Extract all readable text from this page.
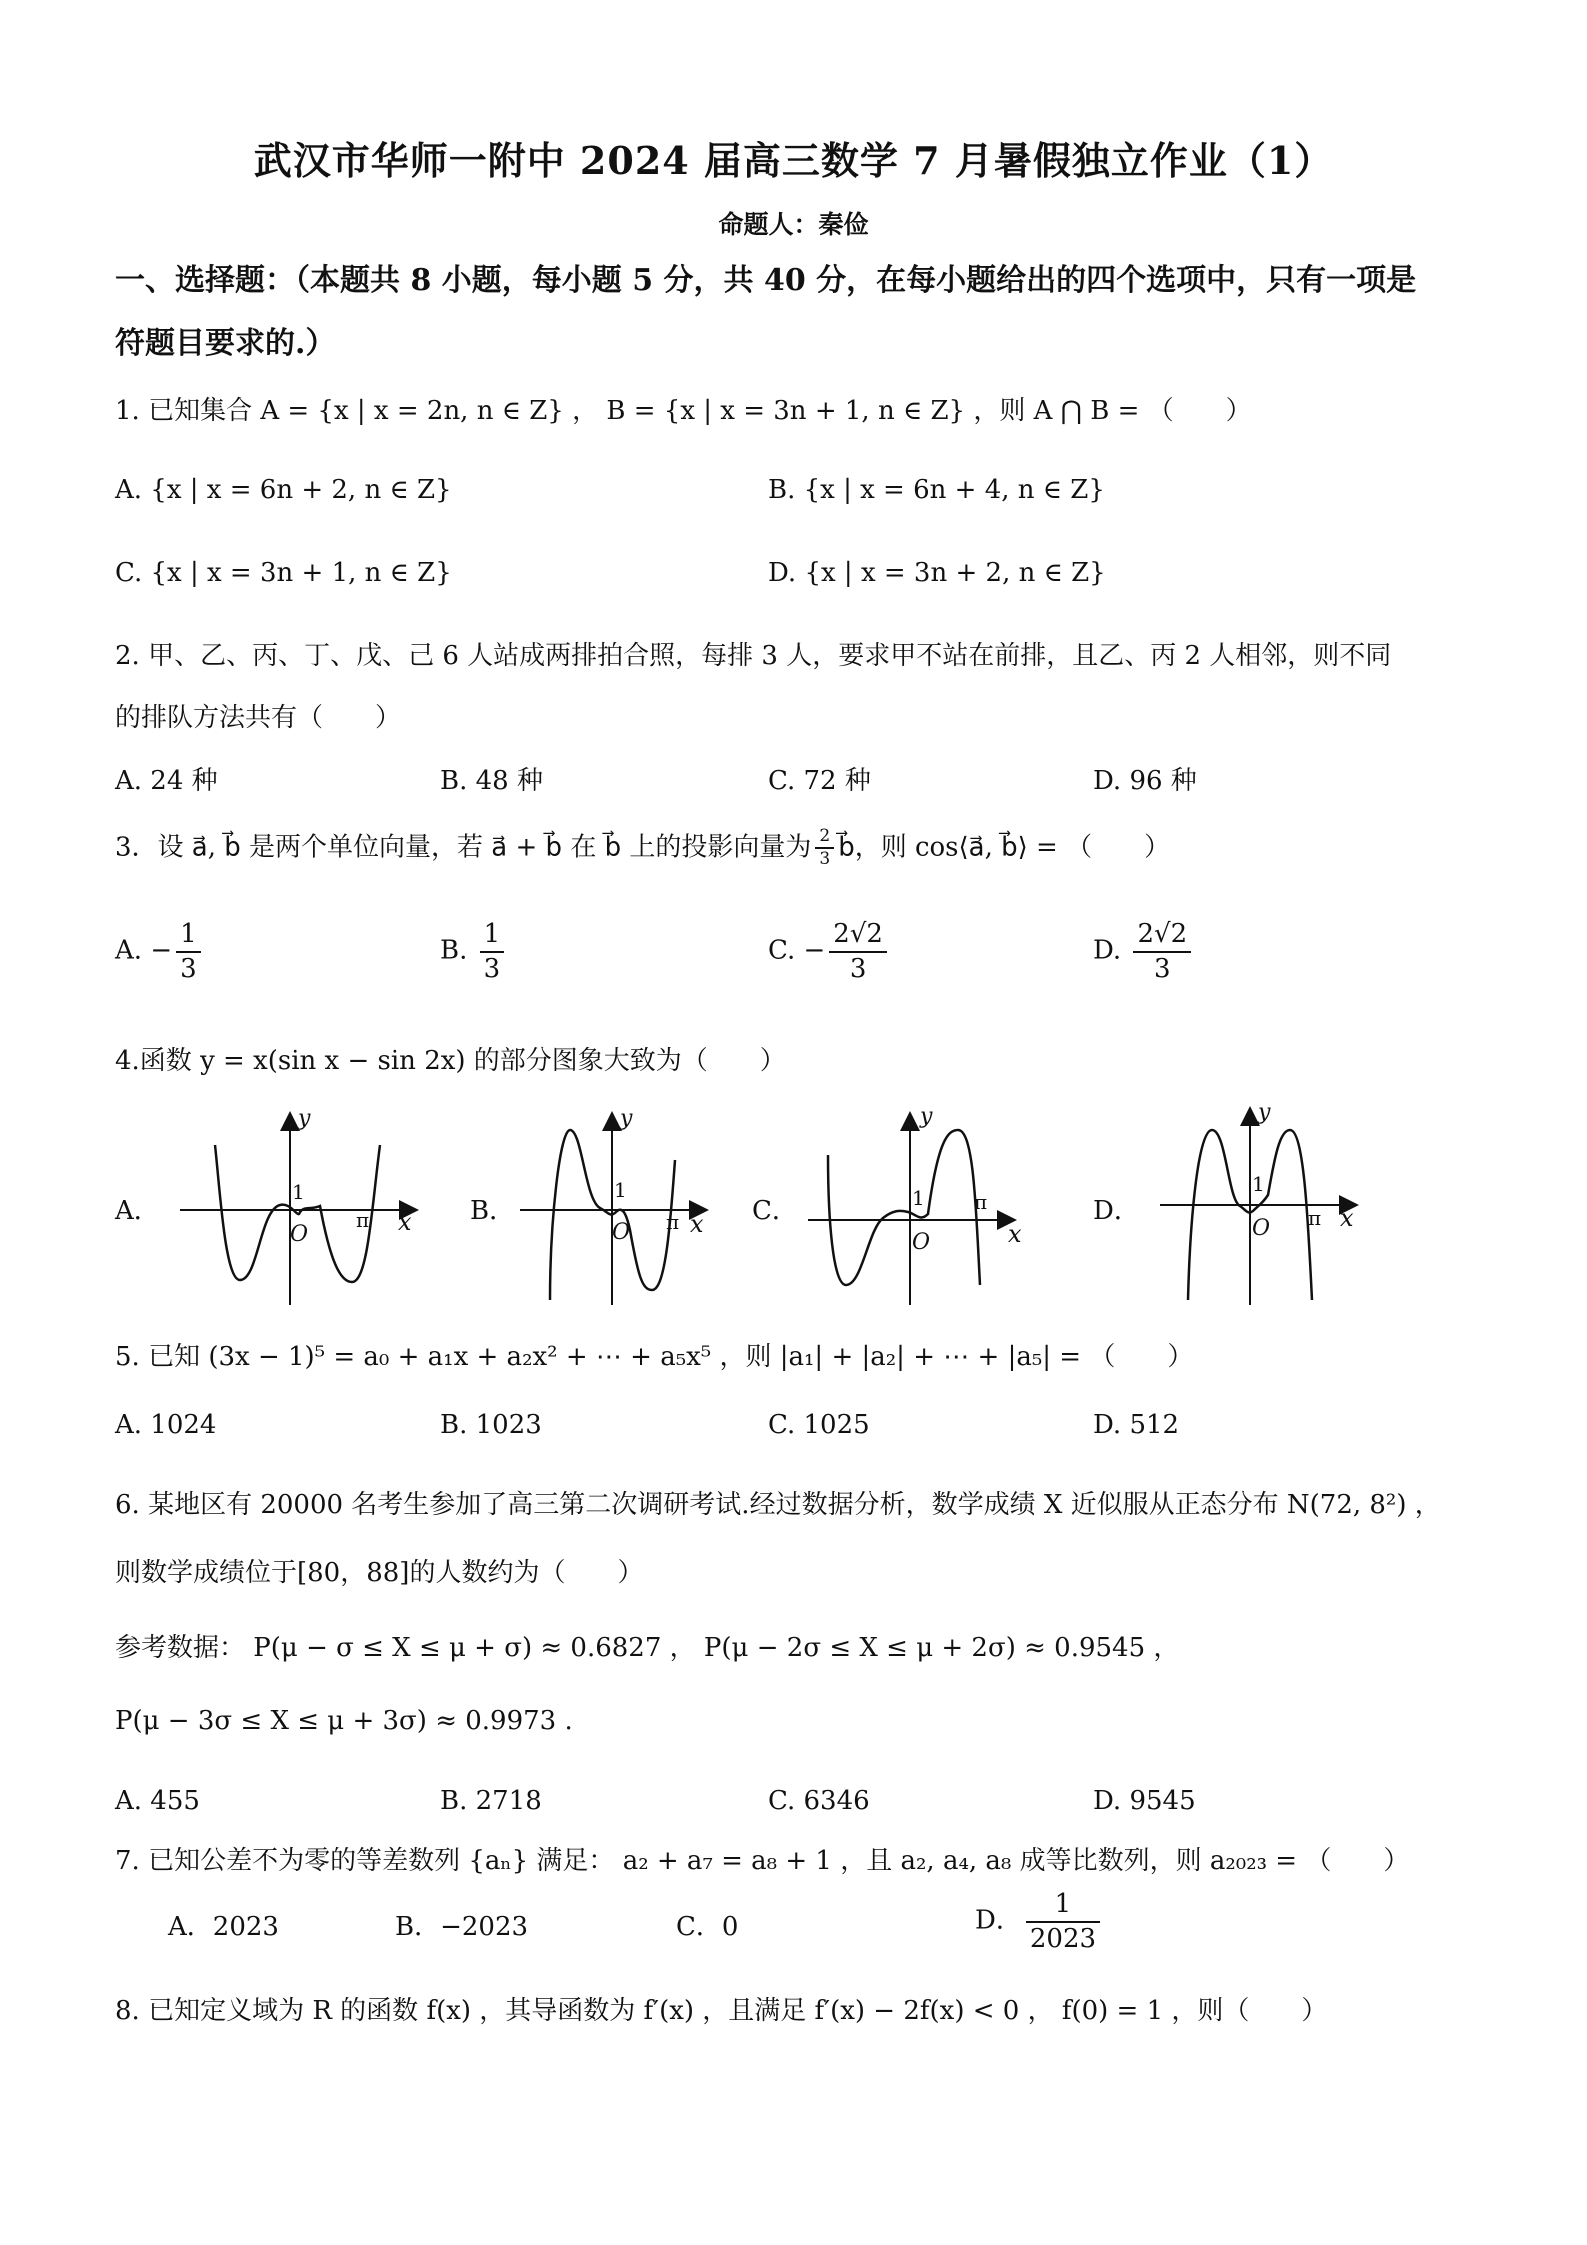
武汉市华师一附中 2024 届高三数学 7 月暑假独立作业（1）
命题人：秦俭
一、选择题：（本题共 8 小题，每小题 5 分，共 40 分，在每小题给出的四个选项中，只有一项是
符题目要求的.）
1. 已知集合 A = {x | x = 2n, n ∈ Z} ， B = {x | x = 3n + 1, n ∈ Z} ，则 A ⋂ B = （　　）
A. {x | x = 6n + 2, n ∈ Z}	B. {x | x = 6n + 4, n ∈ Z}
C. {x | x = 3n + 1, n ∈ Z}	D. {x | x = 3n + 2, n ∈ Z}
2. 甲、乙、丙、丁、戊、己 6 人站成两排拍合照，每排 3 人，要求甲不站在前排，且乙、丙 2 人相邻，则不同
的排队方法共有（　　）
A. 24 种	B. 48 种	C. 72 种	D. 96 种
3．设 a⃗, b⃗ 是两个单位向量，若 a⃗ + b⃗ 在 b⃗ 上的投影向量为 $\frac{2}{3}$ b⃗，则 cos⟨a⃗, b⃗⟩ = （　　）
A. − $\frac{1}{3}$	B. $\frac{1}{3}$	C. − $\frac{2√2}{3}$	D. $\frac{2√2}{3}$
4.函数 y = x(sin x − sin 2x) 的部分图象大致为（　　）
A．	B．	C．	D．
y
1
O
π x
y
1
O π x
y
1
O
π
x
y
1
O π x
5. 已知 (3x − 1)⁵ = a₀ + a₁x + a₂x² + ⋯ + a₅x⁵ ，则 |a₁| + |a₂| + ⋯ + |a₅| = （　　）
A. 1024	B. 1023	C. 1025	D. 512
6. 某地区有 20000 名考生参加了高三第二次调研考试.经过数据分析，数学成绩 X 近似服从正态分布 N(72, 8²) ，
则数学成绩位于[80，88]的人数约为（　　）
参考数据： P(μ − σ ≤ X ≤ μ + σ) ≈ 0.6827 ， P(μ − 2σ ≤ X ≤ μ + 2σ) ≈ 0.9545 ，
P(μ − 3σ ≤ X ≤ μ + 3σ) ≈ 0.9973 .
A. 455	B. 2718	C. 6346	D. 9545
7. 已知公差不为零的等差数列 {aₙ} 满足： a₂ + a₇ = a₈ + 1 ，且 a₂, a₄, a₈ 成等比数列，则 a₂₀₂₃ = （　　）
A．2023	B．−2023	C．0	D． $\frac{1}{2023}$
8. 已知定义域为 R 的函数 f(x) ，其导函数为 f′(x) ，且满足 f′(x) − 2f(x) < 0 ， f(0) = 1 ，则（　　）
